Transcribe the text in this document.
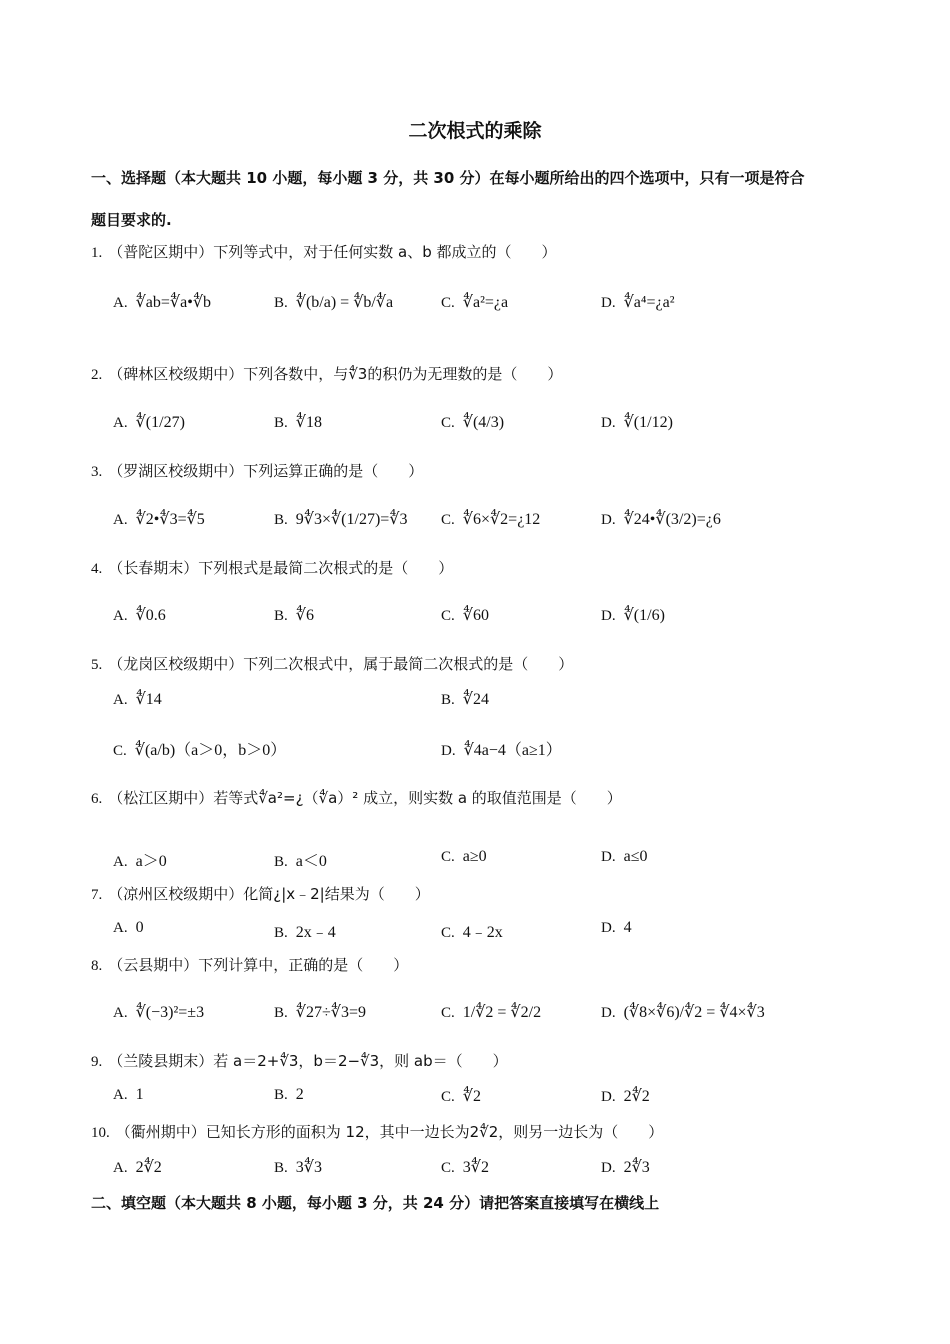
二次根式的乘除
一、选择题（本大题共 10 小题，每小题 3 分，共 30 分）在每小题所给出的四个选项中，只有一项是符合
题目要求的.
1. （普陀区期中）下列等式中，对于任何实数 a、b 都成立的（　　）
A. ∜ab=∜a•∜b	B. ∜(b/a) = ∜b/∜a	C. ∜a²=¿a	D. ∜a⁴=¿a²
2. （碑林区校级期中）下列各数中，与∜3的积仍为无理数的是（　　）
A. ∜(1/27)	B. ∜18	C. ∜(4/3)	D. ∜(1/12)
3. （罗湖区校级期中）下列运算正确的是（　　）
A. ∜2•∜3=∜5	B. 9∜3×∜(1/27)=∜3 C. ∜6×∜2=¿12	D. ∜24•∜(3/2)=¿6
4. （长春期末）下列根式是最简二次根式的是（　　）
A. ∜0.6	B. ∜6	C. ∜60	D. ∜(1/6)
5. （龙岗区校级期中）下列二次根式中，属于最简二次根式的是（　　）
A. ∜14	B. ∜24
C. ∜(a/b)（a＞0，b＞0）	D. ∜4a−4（a≥1）
6. （松江区期中）若等式∜a²=¿（∜a）² 成立，则实数 a 的取值范围是（　　）
A. a＞0	B. a＜0	C. a≥0	D. a≤0
7. （凉州区校级期中）化简¿|x﹣2|结果为（　　）
A. 0	B. 2x﹣4	C. 4﹣2x	D. 4
8. （云县期中）下列计算中，正确的是（　　）
A. ∜(−3)²=±3	B. ∜27÷∜3=9	C. 1/∜2 = ∜2/2	D. (∜8×∜6)/∜2 = ∜4×∜3
9. （兰陵县期末）若 a＝2+∜3，b＝2−∜3，则 ab＝（　　）
A. 1	B. 2	C. ∜2	D. 2∜2
10. （衢州期中）已知长方形的面积为 12，其中一边长为2∜2，则另一边长为（　　）
A. 2∜2	B. 3∜3	C. 3∜2	D. 2∜3
二、填空题（本大题共 8 小题，每小题 3 分，共 24 分）请把答案直接填写在横线上
